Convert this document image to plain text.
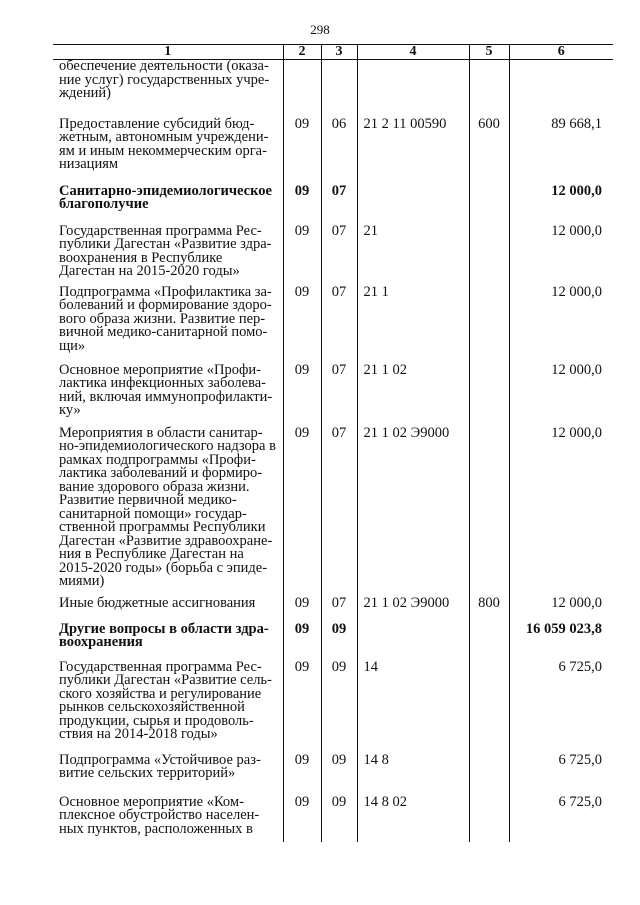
298
1	2	3	4	5	6
обеспечение деятельности (оказа-ние услуг) государственных учре-ждений)					
Предоставление субсидий бюд-жетным, автономным учреждени-ям и иным некоммерческим орга-низациям	09	06	21 2 11 00590	600	89 668,1
Санитарно-эпидемиологическое благополучие	09	07			12 000,0
Государственная программа Рес-публики Дагестан «Развитие здра-воохранения в Республике Дагестан на 2015-2020 годы»	09	07	21		12 000,0
Подпрограмма «Профилактика за-болеваний и формирование здоро-вого образа жизни. Развитие пер-вичной медико-санитарной помо-щи»	09	07	21 1		12 000,0
Основное мероприятие «Профи-лактика инфекционных заболева-ний, включая иммунопрофилакти-ку»	09	07	21 1 02		12 000,0
Мероприятия в области санитар-но-эпидемиологического надзора в рамках подпрограммы «Профи-лактика заболеваний и формиро-вание здорового образа жизни. Развитие первичной медико-санитарной помощи» государ-ственной программы Республики Дагестан «Развитие здравоохране-ния в Республике Дагестан на 2015-2020 годы» (борьба с эпиде-миями)	09	07	21 1 02 Э9000		12 000,0
Иные бюджетные ассигнования	09	07	21 1 02 Э9000	800	12 000,0
Другие вопросы в области здра-воохранения	09	09			16 059 023,8
Государственная программа Рес-публики Дагестан «Развитие сель-ского хозяйства и регулирование рынков сельскохозяйственной продукции, сырья и продоволь-ствия на 2014-2018 годы»	09	09	14		6 725,0
Подпрограмма «Устойчивое раз-витие сельских территорий»	09	09	14 8		6 725,0
Основное мероприятие «Ком-плексное обустройство населен-ных пунктов, расположенных в	09	09	14 8 02		6 725,0
